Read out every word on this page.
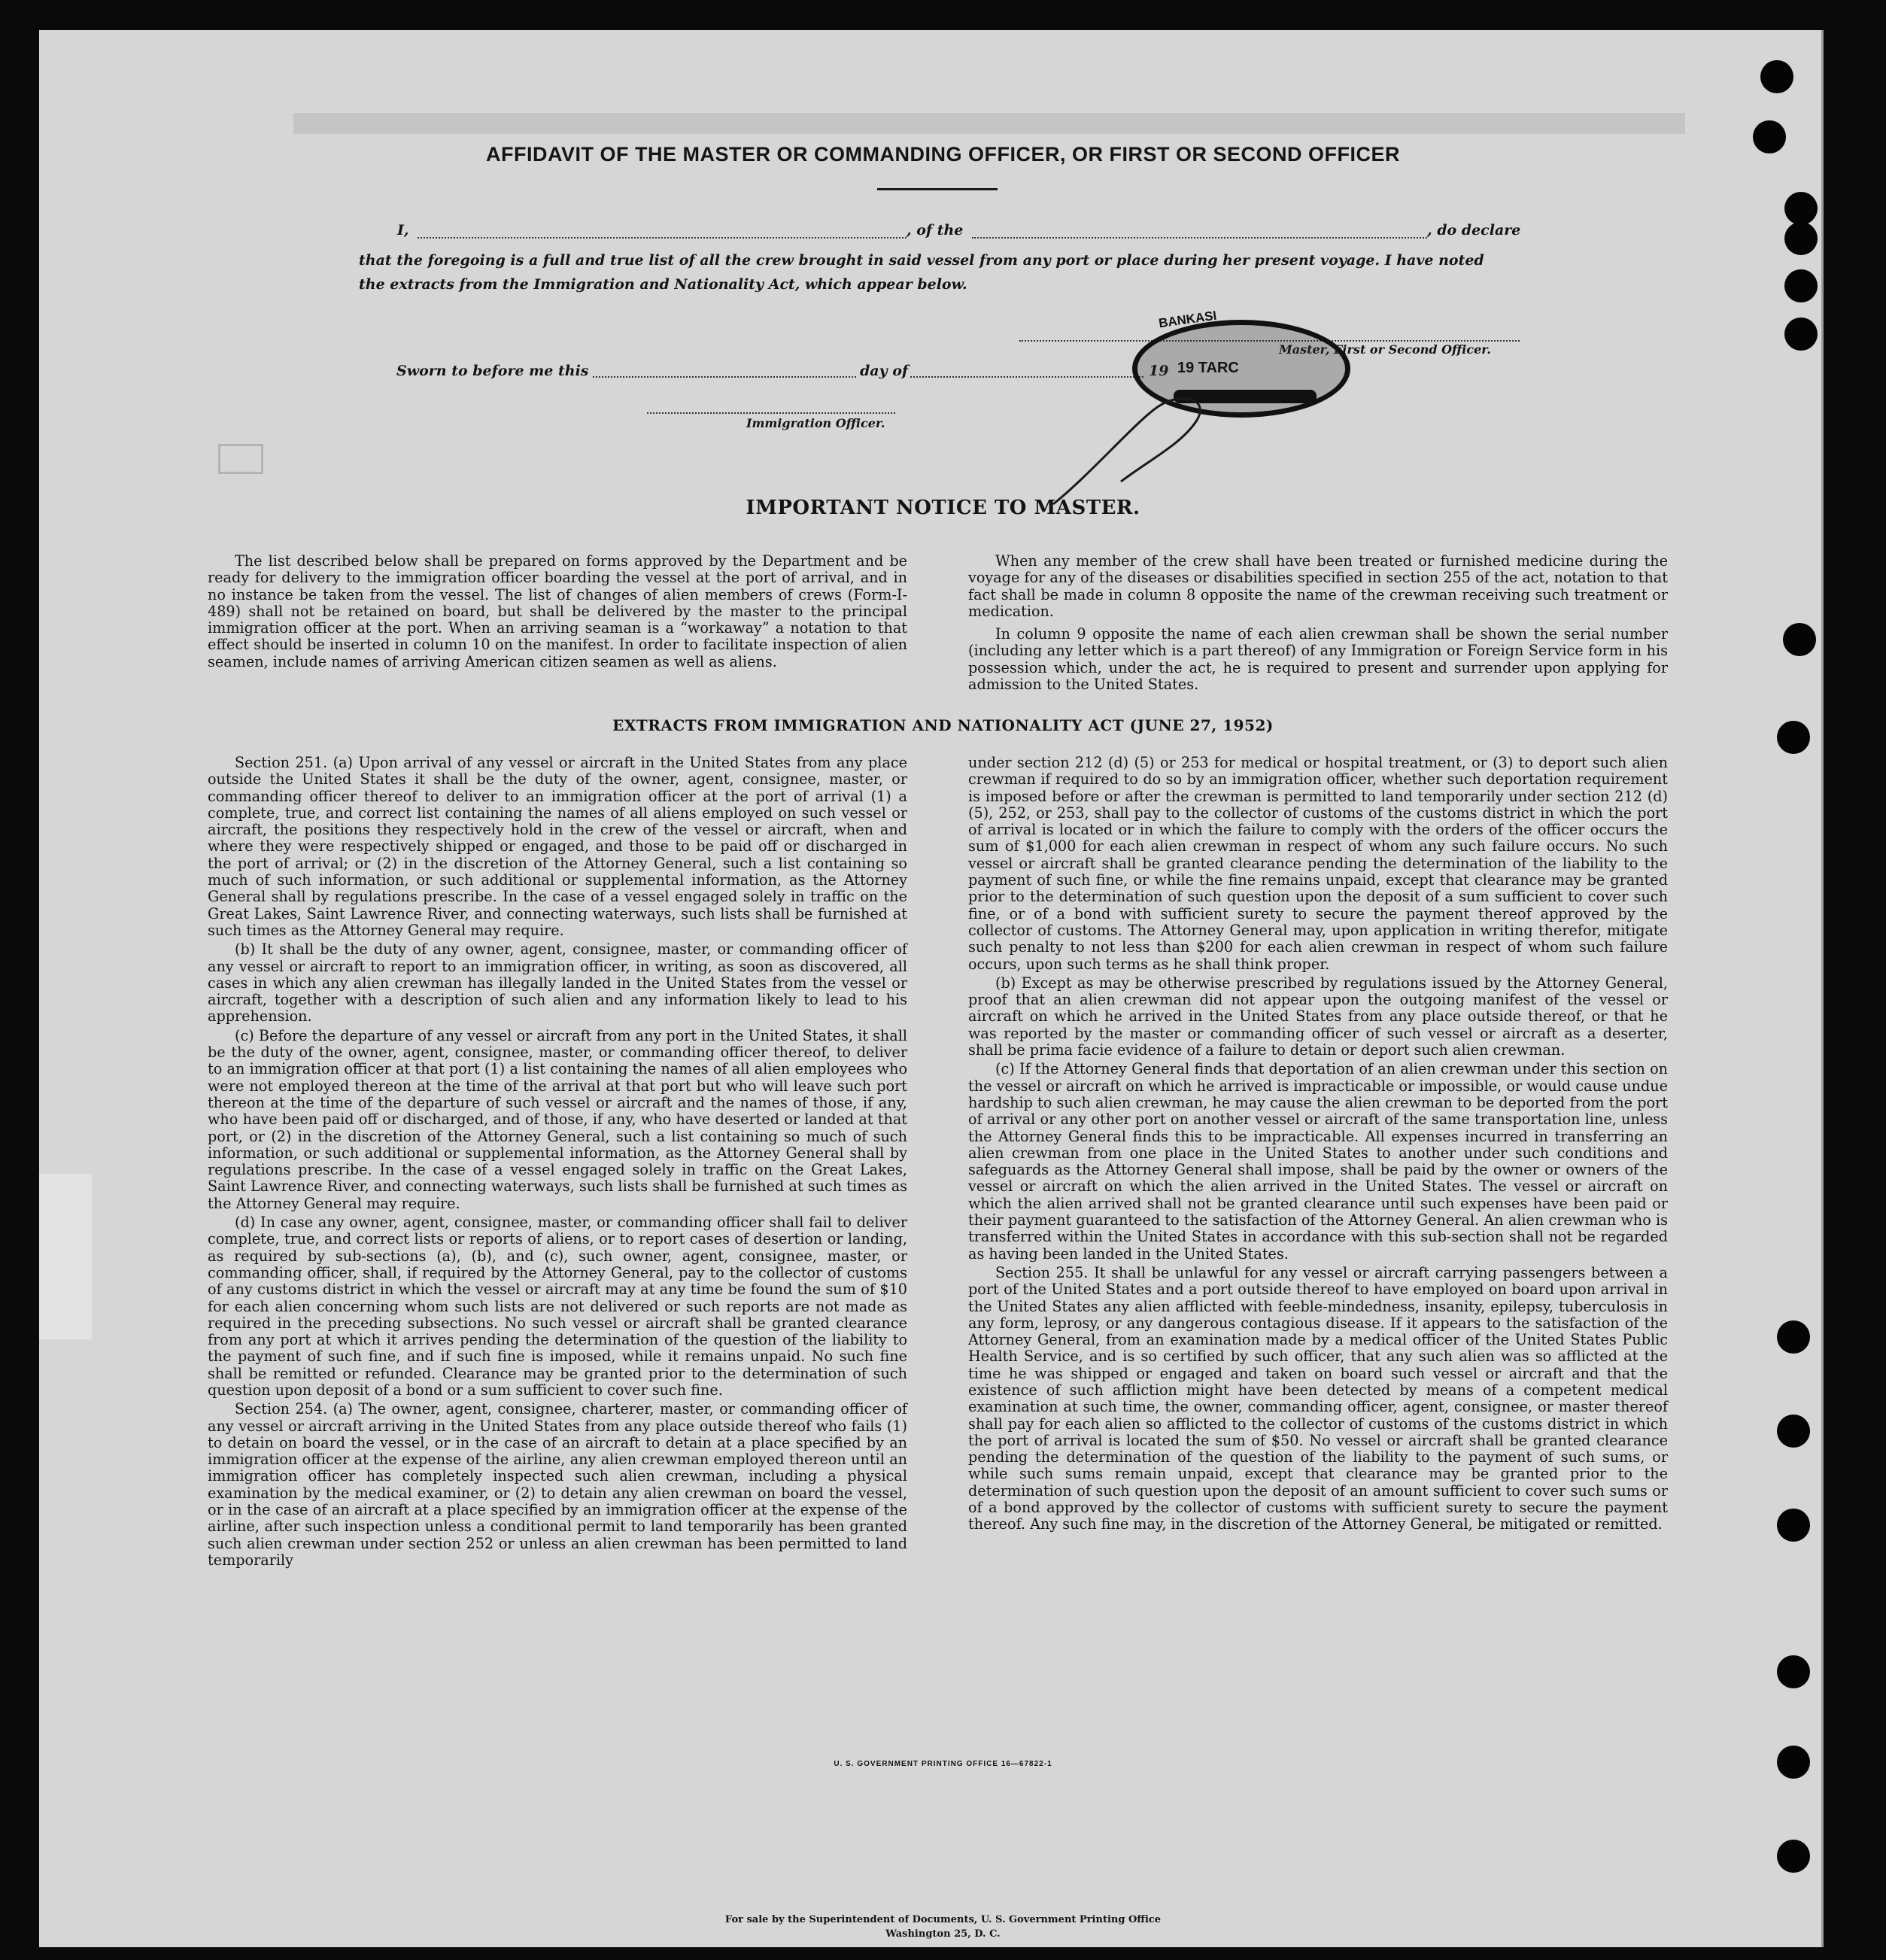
AFFIDAVIT OF THE MASTER OR COMMANDING OFFICER, OR FIRST OR SECOND OFFICER
I,	, of the	, do declare
that the foregoing is a full and true list of all the crew brought in said vessel from any port or place during her present voyage. I have noted
the extracts from the Immigration and Nationality Act, which appear below.
Master, First or Second Officer.
Sworn to before me this	day of	19
Immigration Officer.
BANKASI
19 TARC
IMPORTANT NOTICE TO MASTER.

The list described below shall be prepared on forms approved by the Department and be ready for delivery to the immigration officer boarding the vessel at the port of arrival, and in no instance be taken from the vessel. The list of changes of alien members of crews (Form-I-489) shall not be retained on board, but shall be delivered by the master to the principal immigration officer at the port. When an arriving seaman is a “workaway” a notation to that effect should be inserted in column 10 on the manifest. In order to facilitate inspection of alien seamen, include names of arriving American citizen seamen as well as aliens.

When any member of the crew shall have been treated or furnished medicine during the voyage for any of the diseases or disabilities specified in section 255 of the act, notation to that fact shall be made in column 8 opposite the name of the crewman receiving such treatment or medication.

In column 9 opposite the name of each alien crewman shall be shown the serial number (including any letter which is a part thereof) of any Immigration or Foreign Service form in his possession which, under the act, he is required to present and surrender upon applying for admission to the United States.

EXTRACTS FROM IMMIGRATION AND NATIONALITY ACT (JUNE 27, 1952)

Section 251. (a) Upon arrival of any vessel or aircraft in the United States from any place outside the United States it shall be the duty of the owner, agent, consignee, master, or commanding officer thereof to deliver to an immigration officer at the port of arrival (1) a complete, true, and correct list containing the names of all aliens employed on such vessel or aircraft, the positions they respectively hold in the crew of the vessel or aircraft, when and where they were respectively shipped or engaged, and those to be paid off or discharged in the port of arrival; or (2) in the discretion of the Attorney General, such a list containing so much of such information, or such additional or supplemental information, as the Attorney General shall by regulations prescribe. In the case of a vessel engaged solely in traffic on the Great Lakes, Saint Lawrence River, and connecting waterways, such lists shall be furnished at such times as the Attorney General may require.

(b) It shall be the duty of any owner, agent, consignee, master, or commanding officer of any vessel or aircraft to report to an immigration officer, in writing, as soon as discovered, all cases in which any alien crewman has illegally landed in the United States from the vessel or aircraft, together with a description of such alien and any information likely to lead to his apprehension.

(c) Before the departure of any vessel or aircraft from any port in the United States, it shall be the duty of the owner, agent, consignee, master, or commanding officer thereof, to deliver to an immigration officer at that port (1) a list containing the names of all alien employees who were not employed thereon at the time of the arrival at that port but who will leave such port thereon at the time of the departure of such vessel or aircraft and the names of those, if any, who have been paid off or discharged, and of those, if any, who have deserted or landed at that port, or (2) in the discretion of the Attorney General, such a list containing so much of such information, or such additional or supplemental information, as the Attorney General shall by regulations prescribe. In the case of a vessel engaged solely in traffic on the Great Lakes, Saint Lawrence River, and connecting waterways, such lists shall be furnished at such times as the Attorney General may require.

(d) In case any owner, agent, consignee, master, or commanding officer shall fail to deliver complete, true, and correct lists or reports of aliens, or to report cases of desertion or landing, as required by sub-sections (a), (b), and (c), such owner, agent, consignee, master, or commanding officer, shall, if required by the Attorney General, pay to the collector of customs of any customs district in which the vessel or aircraft may at any time be found the sum of $10 for each alien concerning whom such lists are not delivered or such reports are not made as required in the preceding subsections. No such vessel or aircraft shall be granted clearance from any port at which it arrives pending the determination of the question of the liability to the payment of such fine, and if such fine is imposed, while it remains unpaid. No such fine shall be remitted or refunded. Clearance may be granted prior to the determination of such question upon deposit of a bond or a sum sufficient to cover such fine.

Section 254. (a) The owner, agent, consignee, charterer, master, or commanding officer of any vessel or aircraft arriving in the United States from any place outside thereof who fails (1) to detain on board the vessel, or in the case of an aircraft to detain at a place specified by an immigration officer at the expense of the airline, any alien crewman employed thereon until an immigration officer has completely inspected such alien crewman, including a physical examination by the medical examiner, or (2) to detain any alien crewman on board the vessel, or in the case of an aircraft at a place specified by an immigration officer at the expense of the airline, after such inspection unless a conditional permit to land temporarily has been granted such alien crewman under section 252 or unless an alien crewman has been permitted to land temporarily

under section 212 (d) (5) or 253 for medical or hospital treatment, or (3) to deport such alien crewman if required to do so by an immigration officer, whether such deportation requirement is imposed before or after the crewman is permitted to land temporarily under section 212 (d) (5), 252, or 253, shall pay to the collector of customs of the customs district in which the port of arrival is located or in which the failure to comply with the orders of the officer occurs the sum of $1,000 for each alien crewman in respect of whom any such failure occurs. No such vessel or aircraft shall be granted clearance pending the determination of the liability to the payment of such fine, or while the fine remains unpaid, except that clearance may be granted prior to the determination of such question upon the deposit of a sum sufficient to cover such fine, or of a bond with sufficient surety to secure the payment thereof approved by the collector of customs. The Attorney General may, upon application in writing therefor, mitigate such penalty to not less than $200 for each alien crewman in respect of whom such failure occurs, upon such terms as he shall think proper.

(b) Except as may be otherwise prescribed by regulations issued by the Attorney General, proof that an alien crewman did not appear upon the outgoing manifest of the vessel or aircraft on which he arrived in the United States from any place outside thereof, or that he was reported by the master or commanding officer of such vessel or aircraft as a deserter, shall be prima facie evidence of a failure to detain or deport such alien crewman.

(c) If the Attorney General finds that deportation of an alien crewman under this section on the vessel or aircraft on which he arrived is impracticable or impossible, or would cause undue hardship to such alien crewman, he may cause the alien crewman to be deported from the port of arrival or any other port on another vessel or aircraft of the same transportation line, unless the Attorney General finds this to be impracticable. All expenses incurred in transferring an alien crewman from one place in the United States to another under such conditions and safeguards as the Attorney General shall impose, shall be paid by the owner or owners of the vessel or aircraft on which the alien arrived in the United States. The vessel or aircraft on which the alien arrived shall not be granted clearance until such expenses have been paid or their payment guaranteed to the satisfaction of the Attorney General. An alien crewman who is transferred within the United States in accordance with this sub-section shall not be regarded as having been landed in the United States.

Section 255. It shall be unlawful for any vessel or aircraft carrying passengers between a port of the United States and a port outside thereof to have employed on board upon arrival in the United States any alien afflicted with feeble-mindedness, insanity, epilepsy, tuberculosis in any form, leprosy, or any dangerous contagious disease. If it appears to the satisfaction of the Attorney General, from an examination made by a medical officer of the United States Public Health Service, and is so certified by such officer, that any such alien was so afflicted at the time he was shipped or engaged and taken on board such vessel or aircraft and that the existence of such affliction might have been detected by means of a competent medical examination at such time, the owner, commanding officer, agent, consignee, or master thereof shall pay for each alien so afflicted to the collector of customs of the customs district in which the port of arrival is located the sum of $50. No vessel or aircraft shall be granted clearance pending the determination of the question of the liability to the payment of such sums, or while such sums remain unpaid, except that clearance may be granted prior to the determination of such question upon the deposit of an amount sufficient to cover such sums or of a bond approved by the collector of customs with sufficient surety to secure the payment thereof. Any such fine may, in the discretion of the Attorney General, be mitigated or remitted.

U. S. GOVERNMENT PRINTING OFFICE 16—67822-1
For sale by the Superintendent of Documents, U. S. Government Printing Office
Washington 25, D. C.
